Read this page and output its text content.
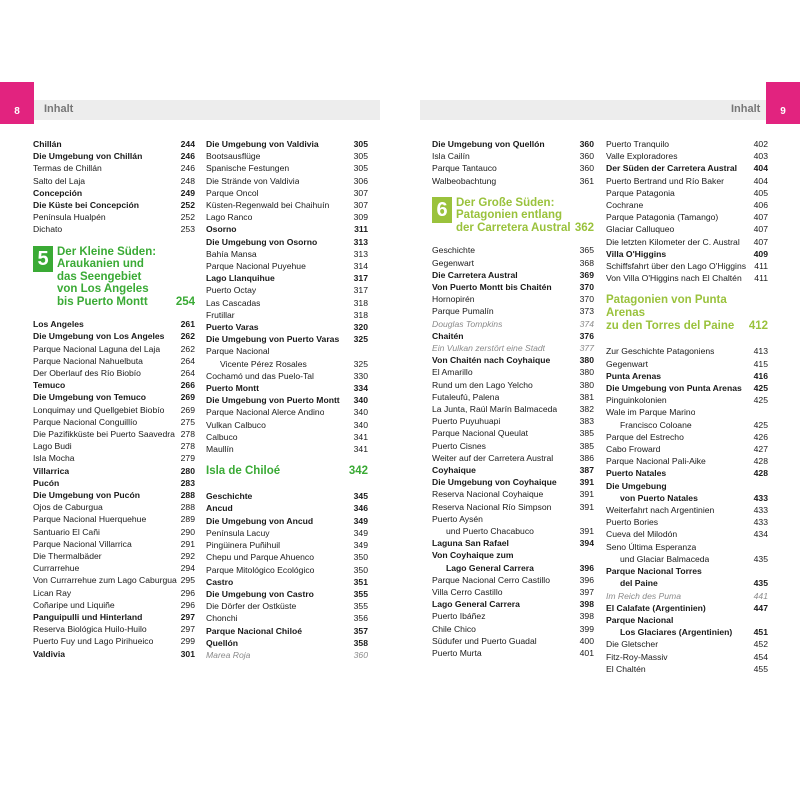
8	9
Inhalt	Inhalt
Chillán	244
Die Umgebung von Chillán	246
Termas de Chillán	246
Salto del Laja	248
Concepción	249
Die Küste bei Concepción	252
Península Hualpén	252
Dichato	253
5 Der Kleine Süden:
Araukanien und
das Seengebiet
von Los Angeles
bis Puerto Montt	254
Los Angeles	261
Die Umgebung von Los Angeles	262
Parque Nacional Laguna del Laja	262
Parque Nacional Nahuelbuta	264
Der Oberlauf des Río Biobío	264
Temuco	266
Die Umgebung von Temuco	269
Lonquimay und Quellgebiet Biobío	269
Parque Nacional Conguillío	275
Die Pazifikküste bei Puerto Saavedra 278
Lago Budi	278
Isla Mocha	279
Villarrica	280
Pucón	283
Die Umgebung von Pucón	288
Ojos de Caburgua	288
Parque Nacional Huerquehue	289
Santuario El Cañi	290
Parque Nacional Villarrica	291
Die Thermalbäder	292
Currarrehue	294
Von Currarrehue zum Lago Caburgua 295
Lican Ray	296
Coñaripe und Liquiñe	296
Panguipulli und Hinterland	297
Reserva Biológica Huilo-Huilo	297
Puerto Fuy und Lago Pirihueico	299
Valdivia	301
Die Umgebung von Valdivia	305
Bootsausflüge	305
Spanische Festungen	305
Die Strände von Valdivia	306
Parque Oncol	307
Küsten-Regenwald bei Chaihuín	307
Lago Ranco	309
Osorno	311
Die Umgebung von Osorno	313
Bahía Mansa	313
Parque Nacional Puyehue	314
Lago Llanquihue	317
Puerto Octay	317
Las Cascadas	318
Frutillar	318
Puerto Varas	320
Die Umgebung von Puerto Varas	325
Parque Nacional
Vicente Pérez Rosales	325
Cochamó und das Puelo-Tal	330
Puerto Montt	334
Die Umgebung von Puerto Montt	340
Parque Nacional Alerce Andino	340
Vulkan Calbuco	340
Calbuco	341
Maullín	341
Isla de Chiloé	342
Geschichte	345
Ancud	346
Die Umgebung von Ancud	349
Península Lacuy	349
Pingüinera Puñihuil	349
Chepu und Parque Ahuenco	350
Parque Mitológico Ecológico	350
Castro	351
Die Umgebung von Castro	355
Die Dörfer der Ostküste	355
Chonchi	356
Parque Nacional Chiloé	357
Quellón	358
Marea Roja	360
Die Umgebung von Quellón	360
Isla Cailín	360
Parque Tantauco	360
Walbeobachtung	361
6 Der Große Süden:
Patagonien entlang
der Carretera Austral 362
Geschichte	365
Gegenwart	368
Die Carretera Austral	369
Von Puerto Montt bis Chaitén	370
Hornopirén	370
Parque Pumalín	373
Douglas Tompkins	374
Chaitén	376
Ein Vulkan zerstört eine Stadt	377
Von Chaitén nach Coyhaique	380
El Amarillo	380
Rund um den Lago Yelcho	380
Futaleufú, Palena	381
La Junta, Raúl Marín Balmaceda	382
Puerto Puyuhuapi	383
Parque Nacional Queulat	385
Puerto Cisnes	385
Weiter auf der Carretera Austral	386
Coyhaique	387
Die Umgebung von Coyhaique	391
Reserva Nacional Coyhaique	391
Reserva Nacional Río Simpson	391
Puerto Aysén
und Puerto Chacabuco	391
Laguna San Rafael	394
Von Coyhaique zum
Lago General Carrera	396
Parque Nacional Cerro Castillo	396
Villa Cerro Castillo	397
Lago General Carrera	398
Puerto Ibáñez	398
Chile Chico	399
Südufer und Puerto Guadal	400
Puerto Murta	401
Puerto Tranquilo	402
Valle Exploradores	403
Der Süden der Carretera Austral	404
Puerto Bertrand und Río Baker	404
Parque Patagonia	405
Cochrane	406
Parque Patagonia (Tamango)	407
Glaciar Calluqueo	407
Die letzten Kilometer der C. Austral	407
Villa O'Higgins	409
Schiffsfahrt über den Lago O'Higgins 411
Von Villa O'Higgins nach El Chaltén	411
Patagonien von Punta Arenas
zu den Torres del Paine	412
Zur Geschichte Patagoniens	413
Gegenwart	415
Punta Arenas	416
Die Umgebung von Punta Arenas	425
Pinguinkolonien	425
Wale im Parque Marino
Francisco Coloane	425
Parque del Estrecho	426
Cabo Froward	427
Parque Nacional Pali-Aike	428
Puerto Natales	428
Die Umgebung
von Puerto Natales	433
Weiterfahrt nach Argentinien	433
Puerto Bories	433
Cueva del Milodón	434
Seno Última Esperanza
und Glaciar Balmaceda	435
Parque Nacional Torres
del Paine	435
Im Reich des Puma	441
El Calafate (Argentinien)	447
Parque Nacional
Los Glaciares (Argentinien)	451
Die Gletscher	452
Fitz-Roy-Massiv	454
El Chaltén	455
